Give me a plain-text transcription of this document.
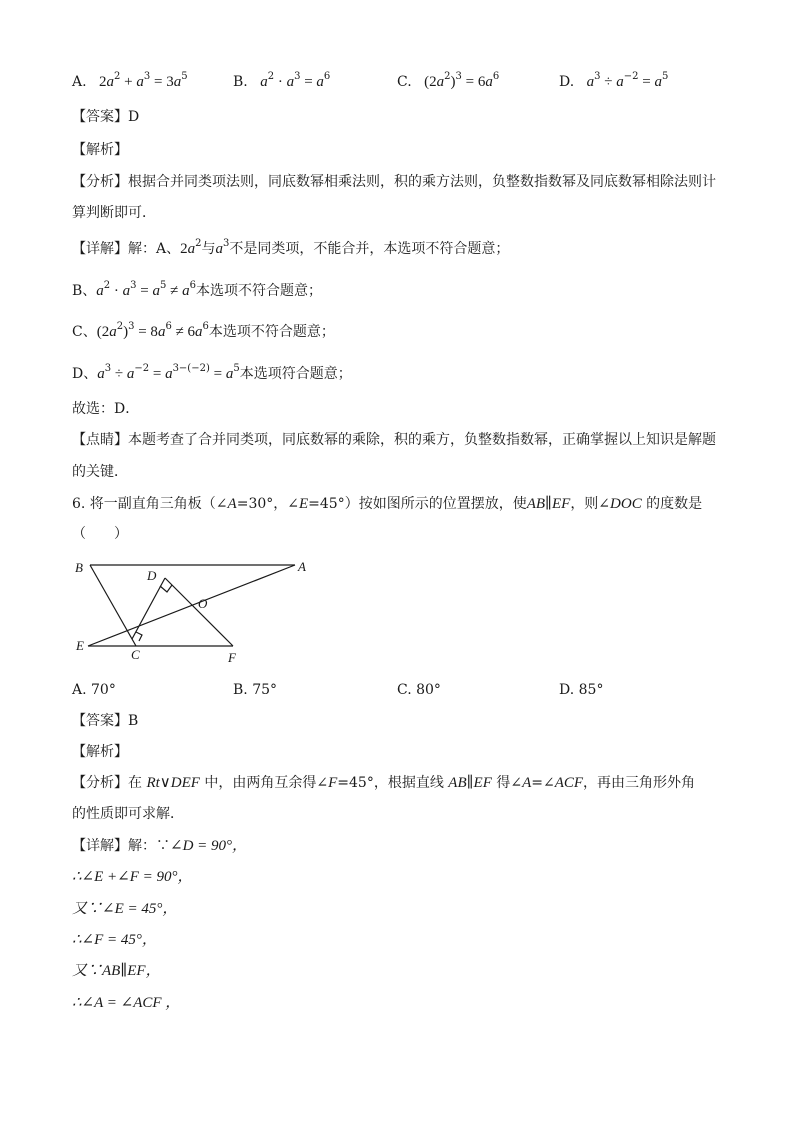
A. $2a^2 + a^3 = 3a^5$	B. $a^2 \cdot a^3 = a^6$	C. $(2a^2)^3 = 6a^6$	D. $a^3 \div a^{-2} = a^5$
【答案】D
【解析】
【分析】根据合并同类项法则，同底数幂相乘法则，积的乘方法则，负整数指数幂及同底数幂相除法则计
算判断即可．
【详解】解：A、$2a^2$与$a^3$不是同类项，不能合并，本选项不符合题意；
B、$a^2 \cdot a^3 = a^5 \ne a^6$本选项不符合题意；
C、$(2a^2)^3 = 8a^6 \ne 6a^6$本选项不符合题意；
D、$a^3 \div a^{-2} = a^{3-(-2)} = a^5$本选项符合题意；
故选：D．
【点睛】本题考查了合并同类项，同底数幂的乘除，积的乘方，负整数指数幂，正确掌握以上知识是解题
的关键．
6. 将一副直角三角板（∠A=30°，∠E=45°）按如图所示的位置摆放，使AB∥EF，则∠DOC 的度数是
（　　）
B	A
D
O
E
C	F
A. 70°	B. 75°	C. 80°	D. 85°
【答案】B
【解析】
【分析】在 Rt∨DEF 中，由两角互余得∠F=45°，根据直线 AB∥EF 得∠A=∠ACF，再由三角形外角
的性质即可求解．
【详解】解：∵∠D = 90°，
∴∠E +∠F = 90°，
又∵∠E = 45°，
∴∠F = 45°，
又∵AB∥EF，
∴∠A = ∠ACF ，
